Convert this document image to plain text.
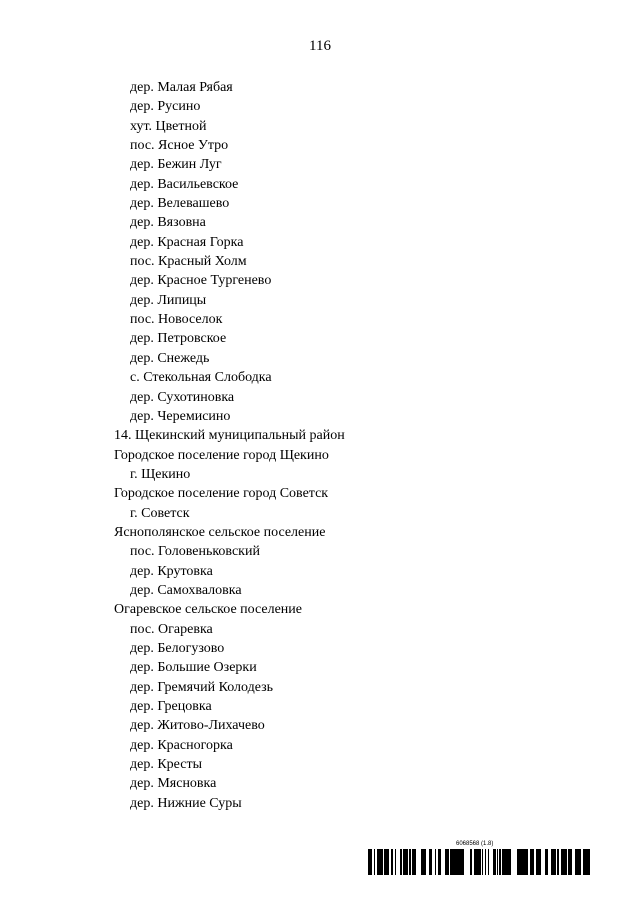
116
дер. Малая Рябая
дер. Русино
хут. Цветной
пос. Ясное Утро
дер. Бежин Луг
дер. Васильевское
дер. Велевашево
дер. Вязовна
дер. Красная Горка
пос. Красный Холм
дер. Красное Тургенево
дер. Липицы
пос. Новоселок
дер. Петровское
дер. Снежедь
с. Стекольная Слободка
дер. Сухотиновка
дер. Черемисино
14. Щекинский муниципальный район
Городское поселение город Щекино
г. Щекино
Городское поселение город Советск
г. Советск
Яснополянское сельское поселение
пос. Головеньковский
дер. Крутовка
дер. Самохваловка
Огаревское сельское поселение
пос. Огаревка
дер. Белогузово
дер. Большие Озерки
дер. Гремячий Колодезь
дер. Грецовка
дер. Житово-Лихачево
дер. Красногорка
дер. Кресты
дер. Мясновка
дер. Нижние Суры
6068568 (1.8)
